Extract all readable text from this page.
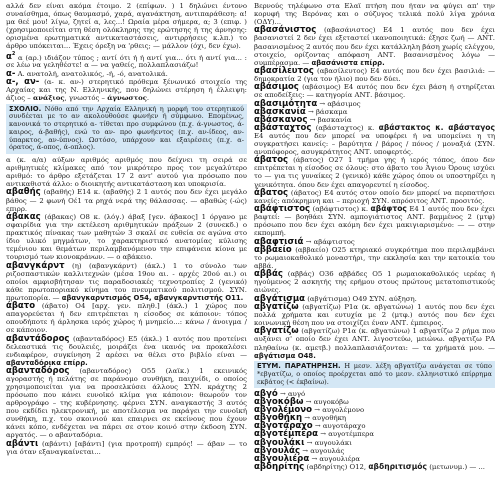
αλλά δεν είναι ακόμα έτοιμο. 2 (επίφων. ) 1 δηλώνει έντονο συναίσθημα, όπως θαυμασμό, χαρά, αγανάκτηση, αντιπαράθεση: α! μα θεέ μου! λίγω, ζητεί α, λες...! Ωραία μέρα σήμερα, α; 3 (επιφ. ) (χρησιμοποιείται στη θέση ολόκληρης της ερώτησης ή της άρνησης: ορισμένα ερωτηματικά αντικαταστάσεις, αντιρρήσεις κ.λπ.) το άρθρο υπόκειται... Έχεις όρεξη να 'ρθεις; — μάλλον (όχι, δεν έχω).

$\alpha^2$ α (αρ.) ιδιάζον τύπος ; αντί ότι ή ή αντί για... ότι ή αντί για... : σε λέω να γεληθέστε! α — να γαθείς, πολλαπλασιάζω!

α- Α. ανατολή, ανατολικός, -ή, -ό, ανατολικά.

α-, αν- (α- κ. αν-) στερητικό πρόθεμα ξένωνικό στοιχείο της Αρχαίας και της Ν. Ελληνικής, που δηλώνει στέρηση ή έλλειψη: άζιος – ανάξιος, γνωστός – άγνωστος.

ΣΧΟΛΙΟ. Νόθο από την Αρχαία Ελληνική η μορφή του στερητικού συνδέεται με το αν ακολουθούσε φωνήεν ή σύμφωνο. Επομένως, κανονικά το στερητικό α- τίθεται προ συμφώνου (π.χ. ά-γνωστος, ά-καιρος, ά-βαθής), ενώ το αν- προ φωνήεντος (π.χ. αν-ίδεος, αν-ύπαρκτος, αν-ύπνος). Ωστόσο, υπάρχουν και εξαιρέσεις (π.χ. α-όρατος, ά-οπος, ά-οπλος).

α (κ. α/α) αύξων αριθμός αριθμός που δείχνει τη σειρά σε αριθμητικές κλίμακες από τον μικρότερο προς τον μεγαλύτερο αριθμό: το άρθρο εξετάζεται 17 2 αντ' αυτού για πρόσωπο που αντικαθιστά άλλο: ο διοικητής αντικατάσταση και υποκρισία.

αβαθής (αβαθής) Ε14 κ. (αβαθής) 2 1 αυτός που δεν έχει μεγάλο βάθος — 2 φωνή Οέ1 τα ρηχά νερά της θάλασσας. — αβαθώς (-ώς) επιρρ.

άβακας (άβακας) Ο8 κ. (λόγ.) άβαξ [γεν. άβακος] 1 όργανο με σφαιρίδια για την εκτέλεση αριθμητικών πράξεων 2 (συνεκδ.) ο πρακτικός πίνακας των μαθητών 3 σκαλί σε ευθεία σε αγώνα στο ίδιο υλικό μηγμάτων, το χαρακτηριστικό ανατομίας κύλισης τεμένιου και θεμάτων περιλαμβανόμενου την επιφάνεια κίονα με τουρισμό των κιονοκράνων. — ο αβάκειο.

αβανγκάρντ (η) (αβανγκάρντ) (άκλ.) 1 το σύνολο των ριζοσπαστικών καλλιτεχνών (μέσα 19ου αι. - αρχές 20ού αι.) οι οποίοι αμφισβήτησαν τις παραδοσιακές τεχνοτροπίες 2 (γενικό) κάθε πρωτοποριακό κίνημα του πνευματικού πολιτισμού. ΣΥΝ. πρωτοπορία. — αβανγκαρντισμός Ο54, αβανγκαρντιστής Ο11.

άβατο (άβατο) Ο4 [αρχ. γεν. πληθ.] (άκλ.) 1 χώρος που απαγορεύεται ή δεν επιτρέπεται η είσοδος σε κάποιον: τόπος οπουδήποτε ή άρλησκα ιερός χώρος ή μνημείο...: κάνω / άνοιγμα / σε κάποιον.

αβαντάδορος (αβανταδόρος) Ε5 (άκλ.) 1 αυτός που προτείνει δελεαστικά τις δουλειές, μοιράζει ένα ικανός να προκαλέσει ενδιαφέρον, συγκίνηση 2 αρέσει να θέλει στο βιβλίο είναι — αβανταδόρικα επίρρ.

αβανταδόρος (αβανταδόρος) Ο55 (λαϊκ.) 1 εκεινικός αγοραστής ή πελάτης σε παράνομο συνθήκη, παιχνίδι, ο οποίος χρησιμοποιείται για να προσελκύσει άλλους ΣΥΝ. κράχτης 2 πρόσωπο που κάνει ευνοϊκό κλίμα για κάποιον: θεωρούν τον αρθρογράφο – της κυβέρνησης. φέρνει ΣΥΝ. αναγκαστής 3 αυτός που εκδίδει ηλεκτρονική, με αποτέλεσμα να παράγει την ευνοϊκή συνθήκη, π.χ. του σκοινιού και επαιρνει σε εκείνους που έχουν κάνει κόπο, ενδέχεται να πάρει σε στον κοινό στην έκδοση ΣΥΝ. αργατός. — ο αβανταδόρια.

αβάντι (αβάντι) [αβάντι] (για προτροπή) εμπρός! — άβαν — το για όταν εξαναγκαίνεται...

Βερνούς τηλέφωνο στα Ελαϊ πτήση που ήταν να φύγει απ' την κορυφή της Βερόνας και ο σύζυγος τελικά πολύ λίγα χρόνια (ΟΔΥ)...

αβασάνιστος (αβασάνιστος) Ε4 1 αυτός που δεν έχει βασανιστεί 2 δεν έχει εξεταστεί ικανοποιητικά: έξησε ζωή — ΑΝΤ. βασανισμένος 2 αυτός που δεν έχει κατάλληλη βάση χωρίς ελέγχου, στοιχείο, ορίζοντας απόφαση ΑΝΤ. βασανισμένος λόγω — συμπέρασμα. — αβασάνιστα επίρρ.

αβασίλευτος (αβασίλευτος) Ε4 αυτός που δεν έχει βασιλιά: — δημοκρατία 2 (για τον ήλιο) που δεν δύει.

αβάσιμος (αβάσιμος) Ε4 αυτός που δεν έχει βάση ή στηρίζεται σε αποδείξεις: — κατηγορία ΑΝΤ. βάσιμος.

αβασιμότητα → αβάσιμος

αβασκανία → βάσκαμα

αβάσκανος → βασκανία

αβάσταχτος (αβάσταχτος) κ. αβάστακτος κ. αβάσταγος Ε4 αυτός που δεν μπορεί να υποφέρει ή να υπομείνει η τη συγκρατήσει κανείς: – βαρύτητα / βάρος / πόνος / μοναξιά (ΣΥΝ. ανυπόφορος, ασυγκράτητος ΑΝΤ. υποφερτός.

άβατος (άβατος) Ο27 1 τμήμα γης ή ιερός τόπος, όπου δεν επιτρέπεται η είσοδος σε όλους: στο άβατο του Άγιου Όρους ισχύει το — για τις γυναίκες 2 (γενικό) κάθε χώρος όπου οι υποστηρίζει η γενικότητα. όπου δεν έχει απαγορευτεί η είσοδος.

άβατος (άβατος) Ε4 αυτός στον οποίο δεν μπορεί να περπατήσει κανείς: απόκρημνη και – περιοχή ΣΥΝ. απρόσιτος ΑΝΤ. προσιτός.

αβάφτιστος (αβάφτιστος) κ. αβάφτος Ε4 1 αυτός που δεν έχει βαφτεί: — βοηθάει ΣΥΝ. αμπογιάτιστος ΑΝΤ. βαμμένος 2 (μτφ) πρόσωπο που δεν έχει ακόμη δεν έχει μακιγιαρισμένο: — — στην εκπομπή.

αβαφτισιά → αβάφτιστος

αββαείο (αββαείο) Ο25 κτηριακό συγκρότημα που περιλαμβάνει το ρωμαιοκαθολικό μοναστήρι, την εκκλησία και την κατοικία του αββά.

αββάς (αββάς) Ο36 αββάδες Ο5 1 ρωμαιοκαθολικός ιερέας ή ηγούμενος 2 ασκητής της ερήμου στους πρώτους μετατοπιστικούς αιώνες.

αβγάτισμα (αβγάτισμα) Ο49 ΣΥΝ. αύξηση.

αβγατίζω (αβγατίζω) Ρ1α (κ. αβγατώνω) 1 αυτός που δεν έχει πολλά χρήματα και ευτυχία με 2 (μτφ.) αυτός που δεν έχει κοινωνική θέση που να στοιχίζει έναν ΑΝΤ. έμπειρος.

αβγατίζω (αβγατίζω) Ρ1α (κ. αβγατώνω) 1 αβγατίζω 2 ρήμα που αυξάνει σ' οποίο δεν έχει ΑΝΤ. λιγοστεύω, μειώνω. αβγατιζω ΡΑ πληθαίνω (κ. αμετβ.) πολλαπλασιάζονται: — τα χρήματά μου. — αβγάτισμα Ο48.

ΕΤΥΜ. ΠΑΡΑΤΗΡΗΣΗ. Η μεσν. λέξη αβγατίζω ανάγεται σε τύπο *εβγατίζω, ο οποίος προέρχεται από το μεσν. ελληνιστικό επίρρημα εκβάτος (< έκβαίνω).

αβγό → αυγό

αβγοκόβω → αυγοκόβω

αβγολέμονο → αυγολέμονο

αβγοθήκη → αυγοθήκη

αβγοτάραχο → αυγοτάραχο

αβγοτέμπερα → αυγοτέμπερα

αβγουλάκι → αυγουλάκι

αβγουλάς → αυγουλάς

αβγουλιέρα → αυγουλιέρα

αβδηρίτης (αβδηρίτης) Ο12, αβδηριτισμός (μετωνυμ.) — ...
